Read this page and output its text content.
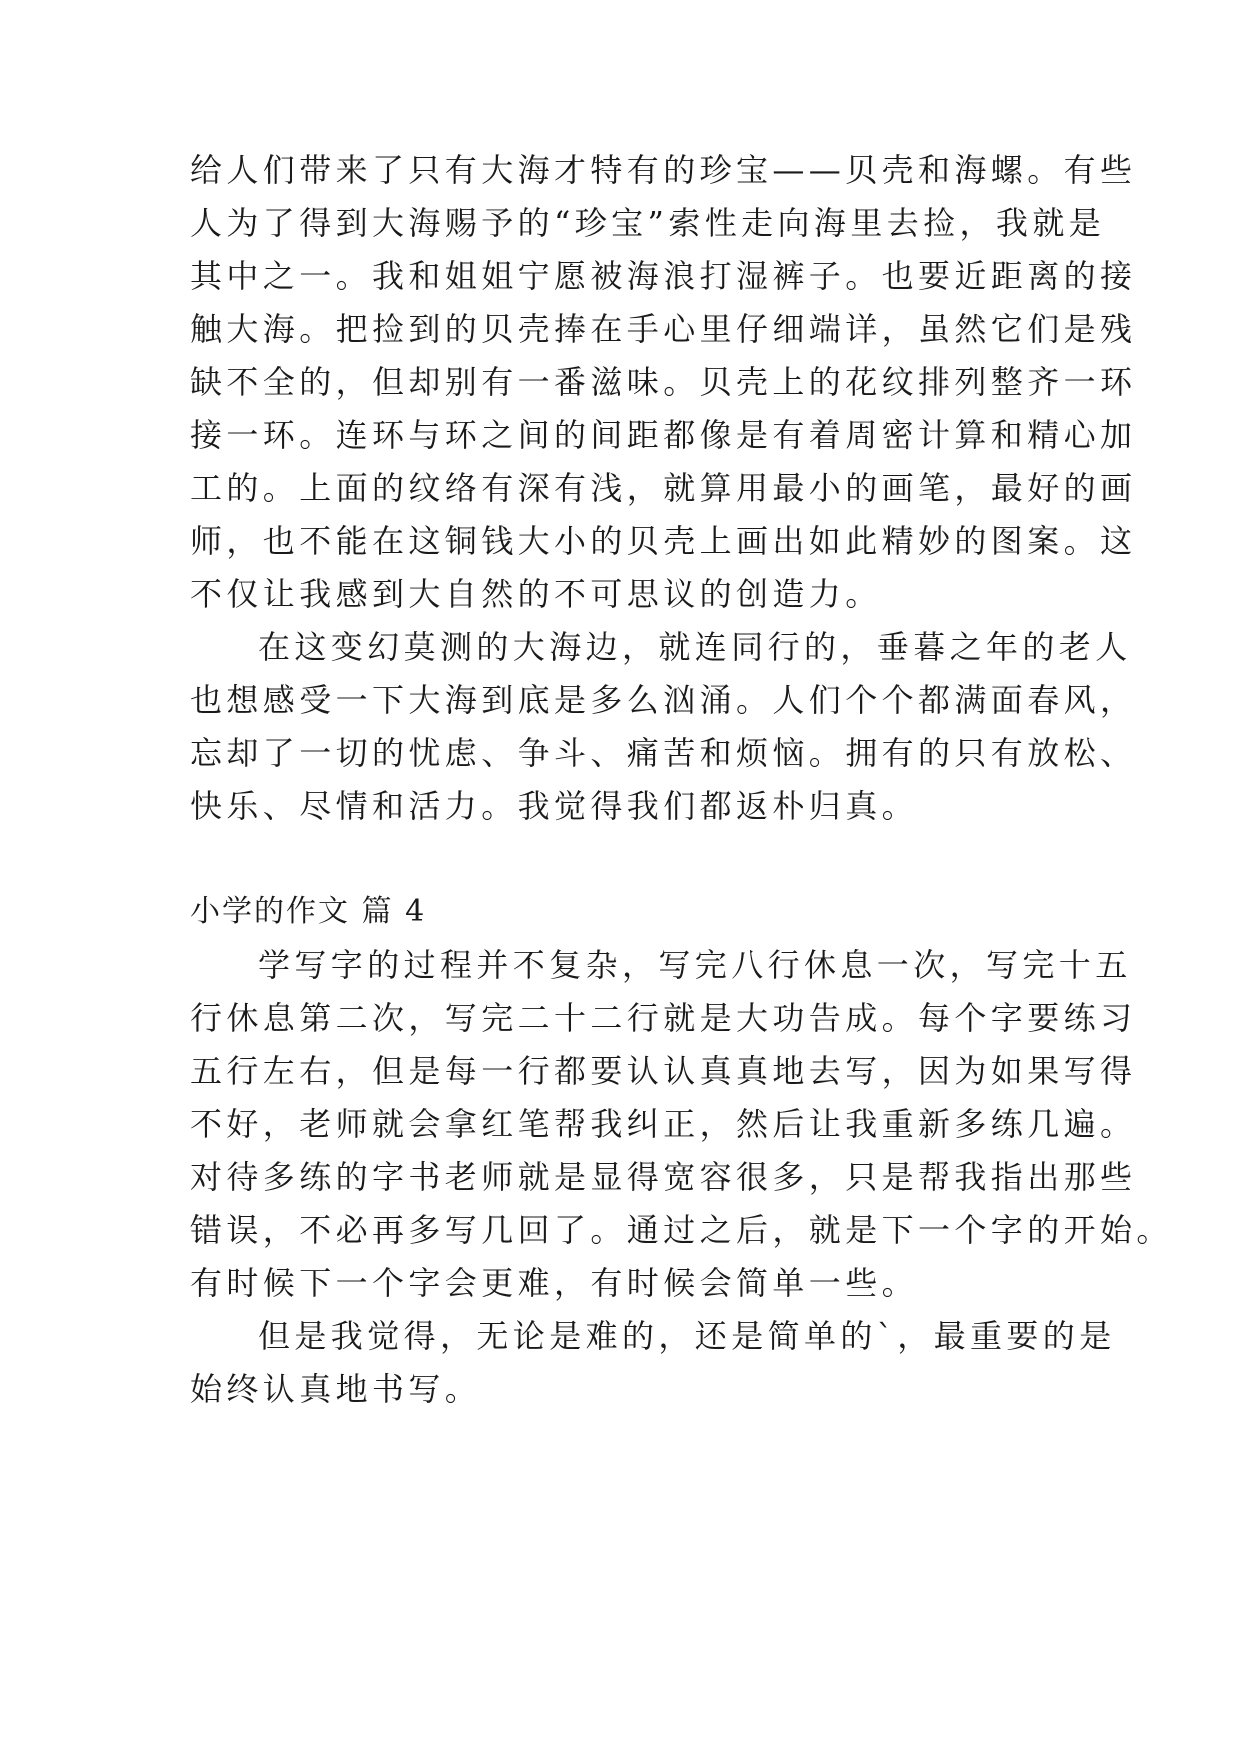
给人们带来了只有大海才特有的珍宝——贝壳和海螺。有些
人为了得到大海赐予的“珍宝”索性走向海里去捡，我就是
其中之一。我和姐姐宁愿被海浪打湿裤子。也要近距离的接
触大海。把捡到的贝壳捧在手心里仔细端详，虽然它们是残
缺不全的，但却别有一番滋味。贝壳上的花纹排列整齐一环
接一环。连环与环之间的间距都像是有着周密计算和精心加
工的。上面的纹络有深有浅，就算用最小的画笔，最好的画
师，也不能在这铜钱大小的贝壳上画出如此精妙的图案。这
不仅让我感到大自然的不可思议的创造力。
在这变幻莫测的大海边，就连同行的，垂暮之年的老人
也想感受一下大海到底是多么汹涌。人们个个都满面春风，
忘却了一切的忧虑、争斗、痛苦和烦恼。拥有的只有放松、
快乐、尽情和活力。我觉得我们都返朴归真。
小学的作文 篇 4
学写字的过程并不复杂，写完八行休息一次，写完十五
行休息第二次，写完二十二行就是大功告成。每个字要练习
五行左右，但是每一行都要认认真真地去写，因为如果写得
不好，老师就会拿红笔帮我纠正，然后让我重新多练几遍。
对待多练的字书老师就是显得宽容很多，只是帮我指出那些
错误，不必再多写几回了。通过之后，就是下一个字的开始。
有时候下一个字会更难，有时候会简单一些。
但是我觉得，无论是难的，还是简单的`，最重要的是
始终认真地书写。
